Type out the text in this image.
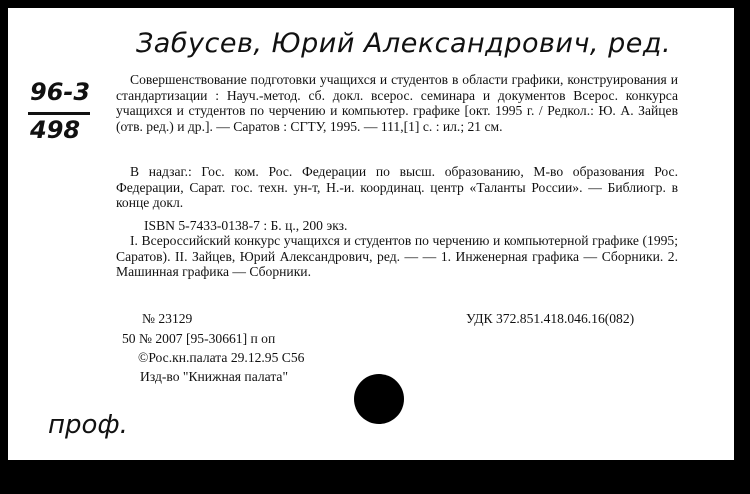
Забусев, Юрий Александрович, ред.
96-3
498
Совершенствование подготовки учащихся и студентов в области графики, конструирования и стандартизации : Науч.-метод. сб. докл. всерос. семинара и документов Всерос. конкурса учащихся и студентов по черчению и компьютер. графике [окт. 1995 г. / Редкол.: Ю. А. Зайцев (отв. ред.) и др.]. — Саратов : СГТУ, 1995. — 111,[1] с. : ил.; 21 см.
В надзаг.: Гос. ком. Рос. Федерации по высш. образованию, М-во образования Рос. Федерации, Сарат. гос. техн. ун-т, Н.-и. координац. центр «Таланты России». — Библиогр. в конце докл.
ISBN 5-7433-0138-7 : Б. ц., 200 экз.
I. Всероссийский конкурс учащихся и студентов по черчению и компьютерной графике (1995; Саратов). II. Зайцев, Юрий Александрович, ред. — — 1. Инженерная графика — Сборники. 2. Машинная графика — Сборники.
№ 23129	УДК 372.851.418.046.16(082)
50 № 2007 [95-30661] п оп
©Рос.кн.палата 29.12.95 С56
Изд-во "Книжная палата"
проф.
